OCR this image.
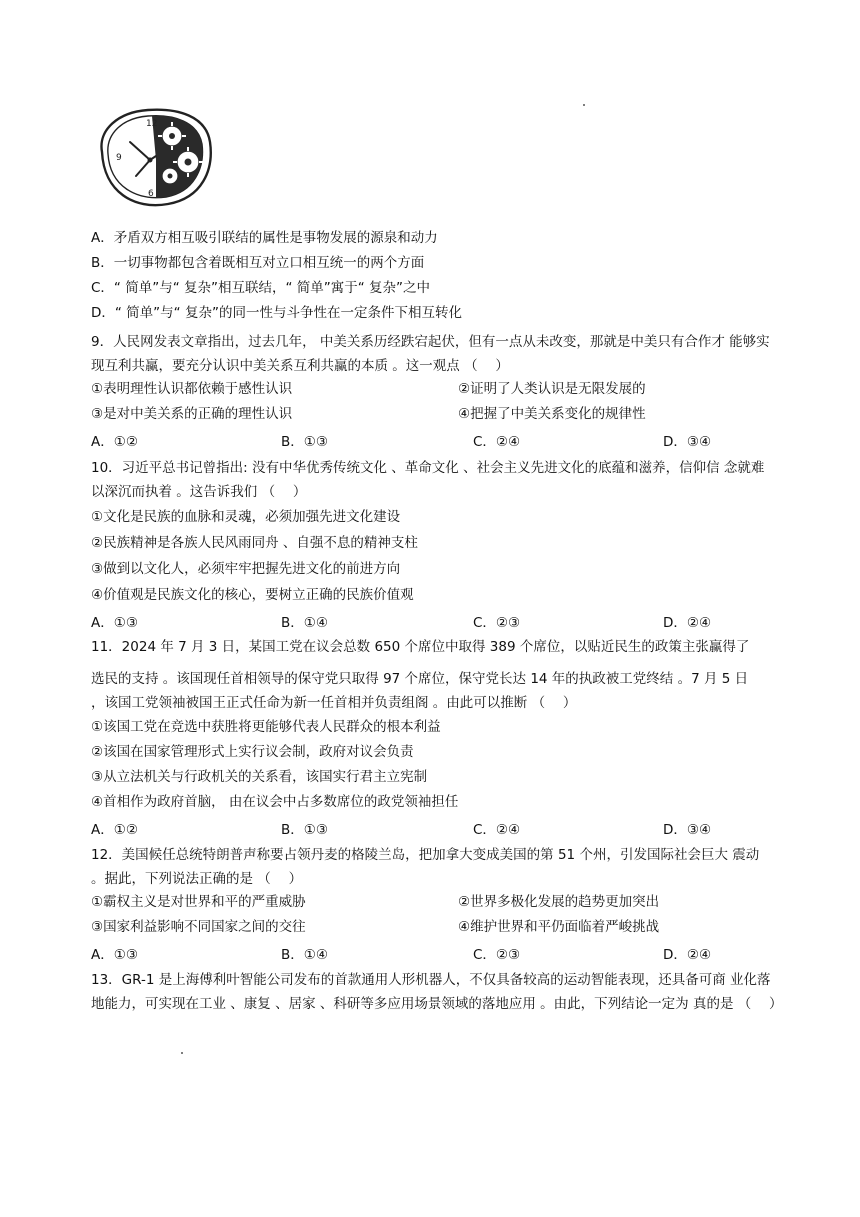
12
9
6
A．矛盾双方相互吸引联结的属性是事物发展的源泉和动力
B．一切事物都包含着既相互对立口相互统一的两个方面
C．“ 简单”与“ 复杂”相互联结，“ 简单”寓于“ 复杂”之中
D．“ 简单”与“ 复杂”的同一性与斗争性在一定条件下相互转化
9．人民网发表文章指出，过去几年， 中美关系历经跌宕起伏，但有一点从未改变，那就是中美只有合作才 能够实现互利共赢，要充分认识中美关系互利共赢的本质 。这一观点 （　 ）
①表明理性认识都依赖于感性认识	②证明了人类认识是无限发展的
③是对中美关系的正确的理性认识	④把握了中美关系变化的规律性
A．①②	B．①③	C．②④	D．③④
10．习近平总书记曾指出: 没有中华优秀传统文化 、革命文化 、社会主义先进文化的底蕴和滋养，信仰信 念就难以深沉而执着 。这告诉我们 （　 ）
①文化是民族的血脉和灵魂，必须加强先进文化建设
②民族精神是各族人民风雨同舟 、自强不息的精神支柱
③做到以文化人，必须牢牢把握先进文化的前进方向
④价值观是民族文化的核心，要树立正确的民族价值观
A．①③	B．①④	C．②③	D．②④
11．2024 年 7 月 3 日，某国工党在议会总数 650 个席位中取得 389 个席位，以贴近民生的政策主张赢得了
选民的支持 。该国现任首相领导的保守党只取得 97 个席位，保守党长达 14 年的执政被工党终结 。7 月 5 日
，该国工党领袖被国王正式任命为新一任首相并负责组阁 。由此可以推断 （　 ）
①该国工党在竞选中获胜将更能够代表人民群众的根本利益
②该国在国家管理形式上实行议会制，政府对议会负责
③从立法机关与行政机关的关系看，该国实行君主立宪制
④首相作为政府首脑， 由在议会中占多数席位的政党领袖担任
A．①②	B．①③	C．②④	D．③④
12．美国候任总统特朗普声称要占领丹麦的格陵兰岛，把加拿大变成美国的第 51 个州，引发国际社会巨大 震动 。据此，下列说法正确的是 （　 ）
①霸权主义是对世界和平的严重威胁	②世界多极化发展的趋势更加突出
③国家利益影响不同国家之间的交往	④维护世界和平仍面临着严峻挑战
A．①③	B．①④	C．②③	D．②④
13．GR-1 是上海傅利叶智能公司发布的首款通用人形机器人，不仅具备较高的运动智能表现，还具备可商 业化落地能力，可实现在工业 、康复 、居家 、科研等多应用场景领域的落地应用 。由此，下列结论一定为 真的是 （　 ）
